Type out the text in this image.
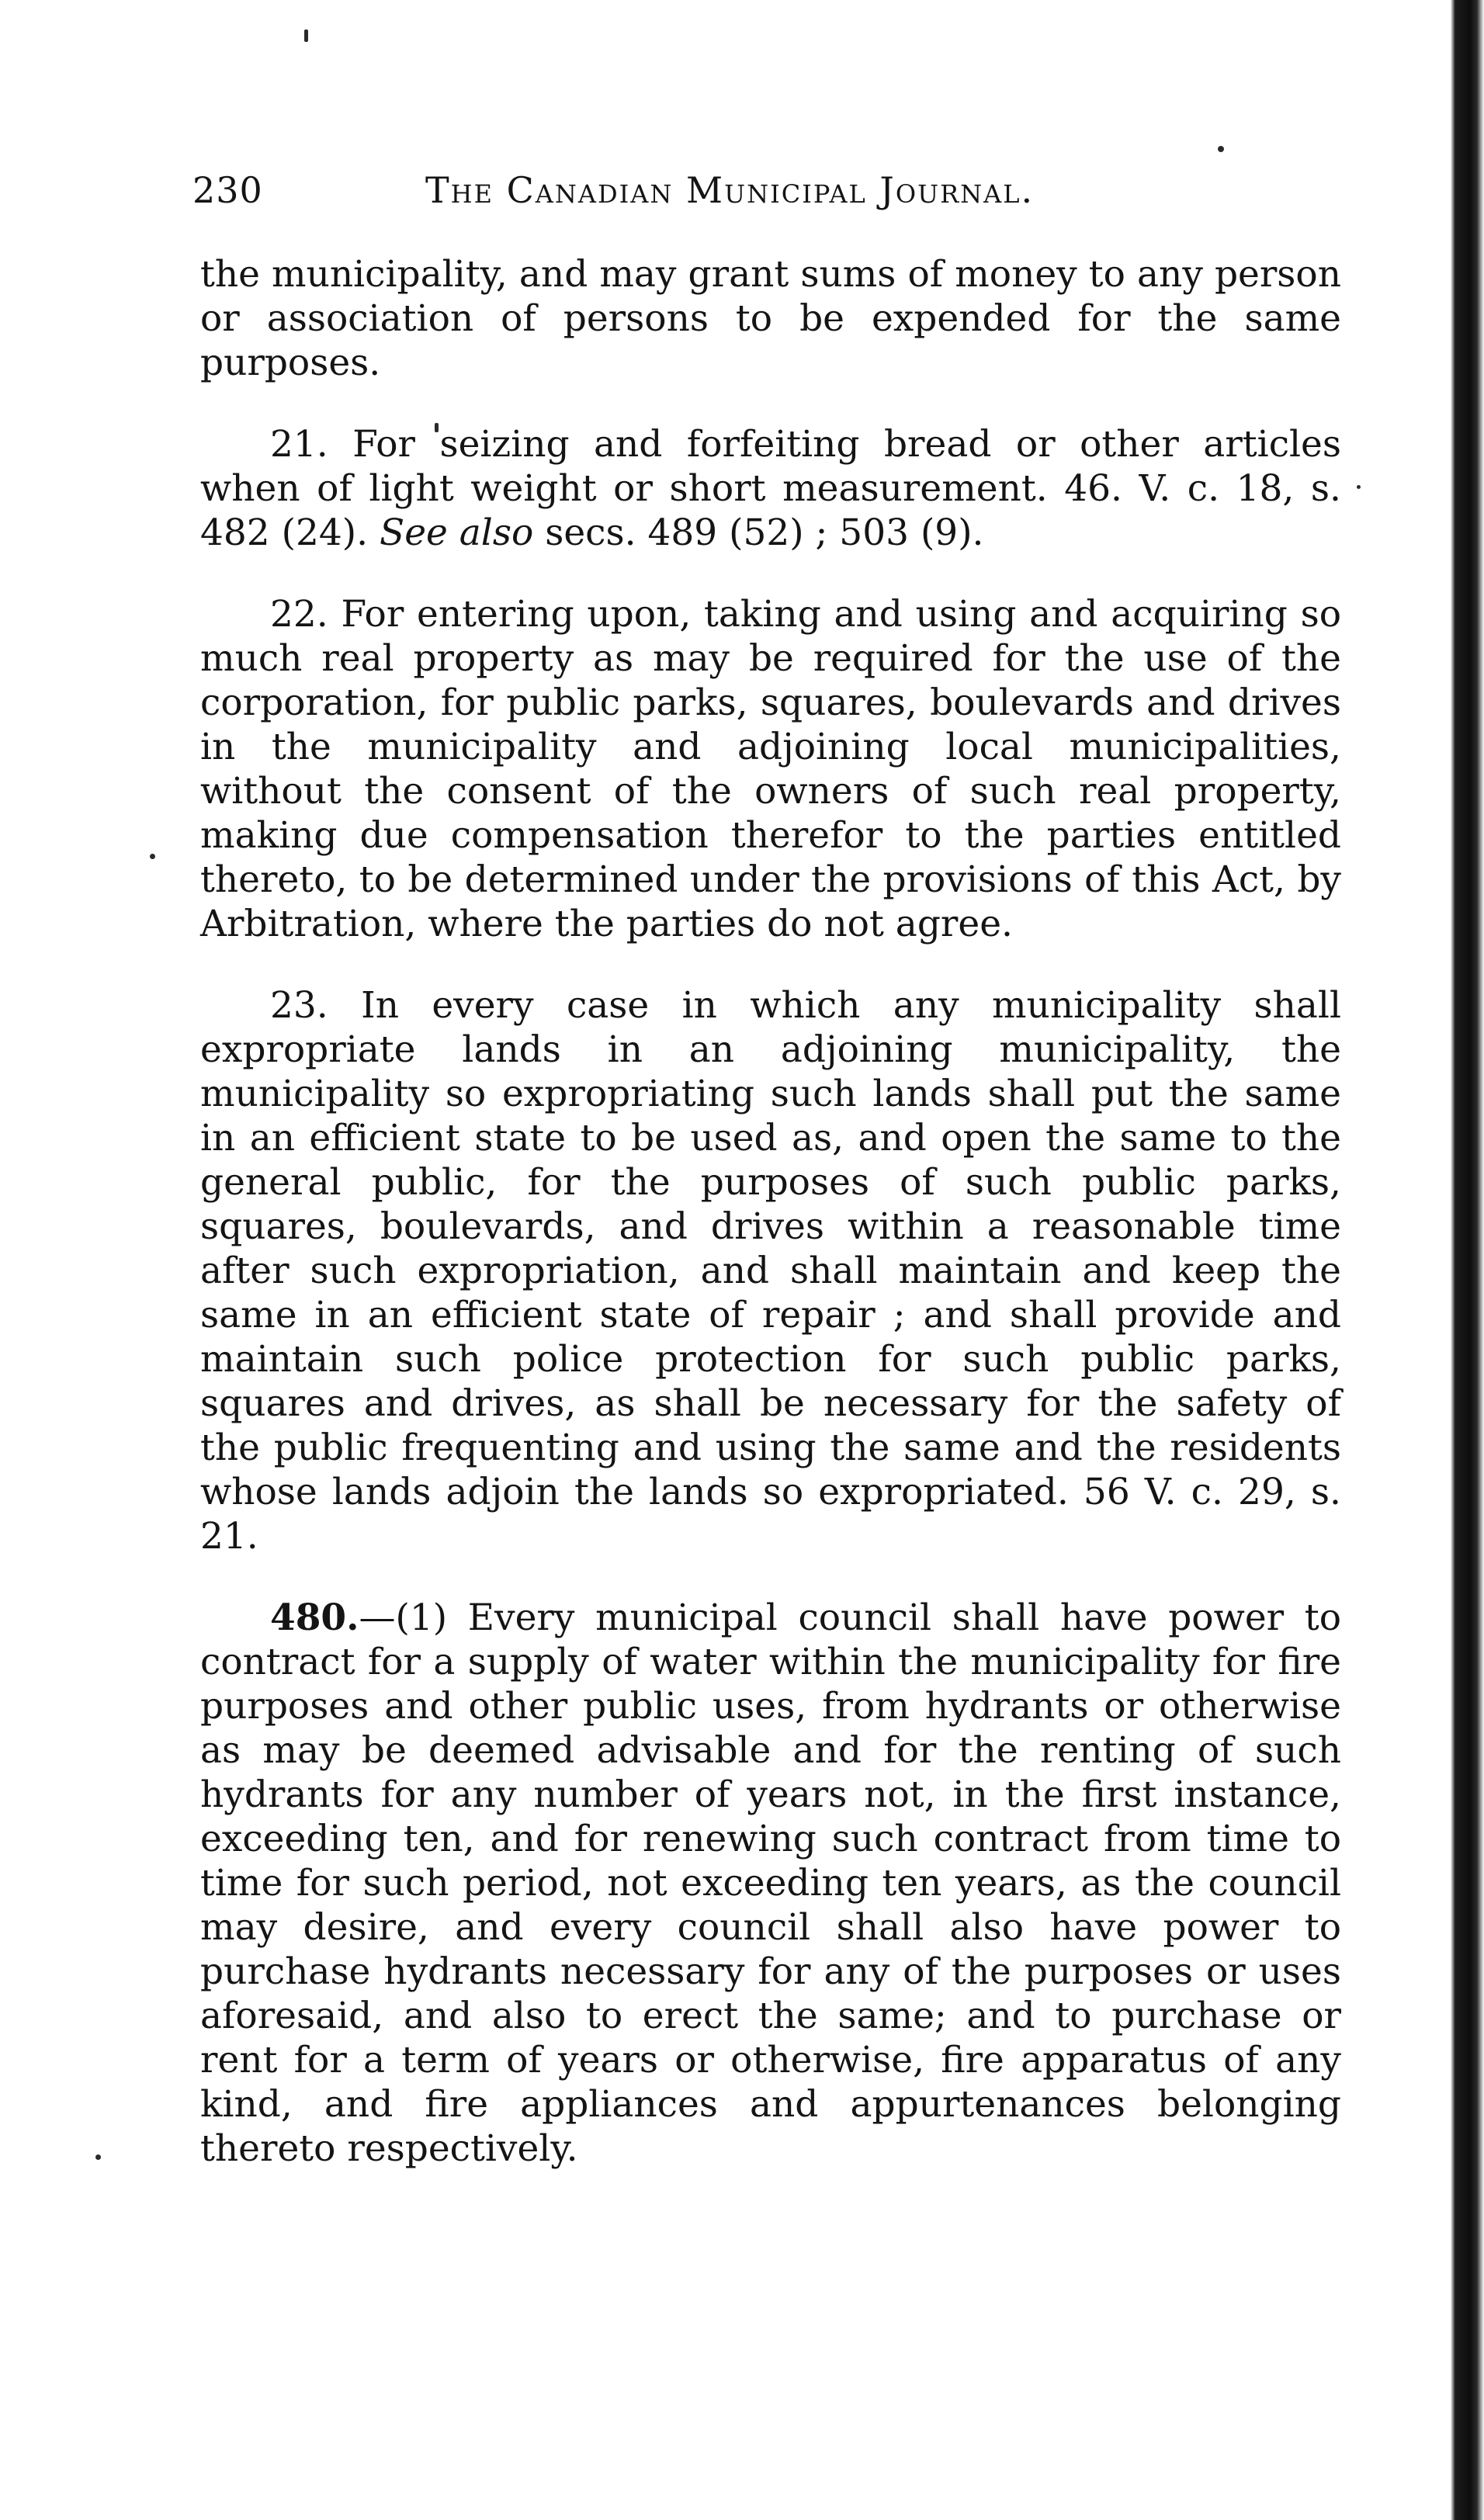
230	The Canadian Municipal Journal.

the municipality, and may grant sums of money to any person or association of persons to be expended for the same purposes.

21. For seizing and forfeiting bread or other articles when of light weight or short measurement. 46. V. c. 18, s. 482 (24). See also secs. 489 (52) ; 503 (9).

22. For entering upon, taking and using and acquiring so much real property as may be required for the use of the corporation, for public parks, squares, boulevards and drives in the municipality and adjoining local municipalities, without the consent of the owners of such real property, making due compensation therefor to the parties entitled thereto, to be determined under the provisions of this Act, by Arbitration, where the parties do not agree.

23. In every case in which any municipality shall expropriate lands in an adjoining municipality, the municipality so expropriating such lands shall put the same in an efficient state to be used as, and open the same to the general public, for the purposes of such public parks, squares, boulevards, and drives within a reasonable time after such expropriation, and shall maintain and keep the same in an efficient state of repair ; and shall provide and maintain such police protection for such public parks, squares and drives, as shall be necessary for the safety of the public frequenting and using the same and the residents whose lands adjoin the lands so expropriated. 56 V. c. 29, s. 21.

480.—(1) Every municipal council shall have power to contract for a supply of water within the municipality for fire purposes and other public uses, from hydrants or otherwise as may be deemed advisable and for the renting of such hydrants for any number of years not, in the first instance, exceeding ten, and for renewing such contract from time to time for such period, not exceeding ten years, as the council may desire, and every council shall also have power to purchase hydrants necessary for any of the purposes or uses aforesaid, and also to erect the same; and to purchase or rent for a term of years or otherwise, fire apparatus of any kind, and fire appliances and appurtenances belonging thereto respectively.
